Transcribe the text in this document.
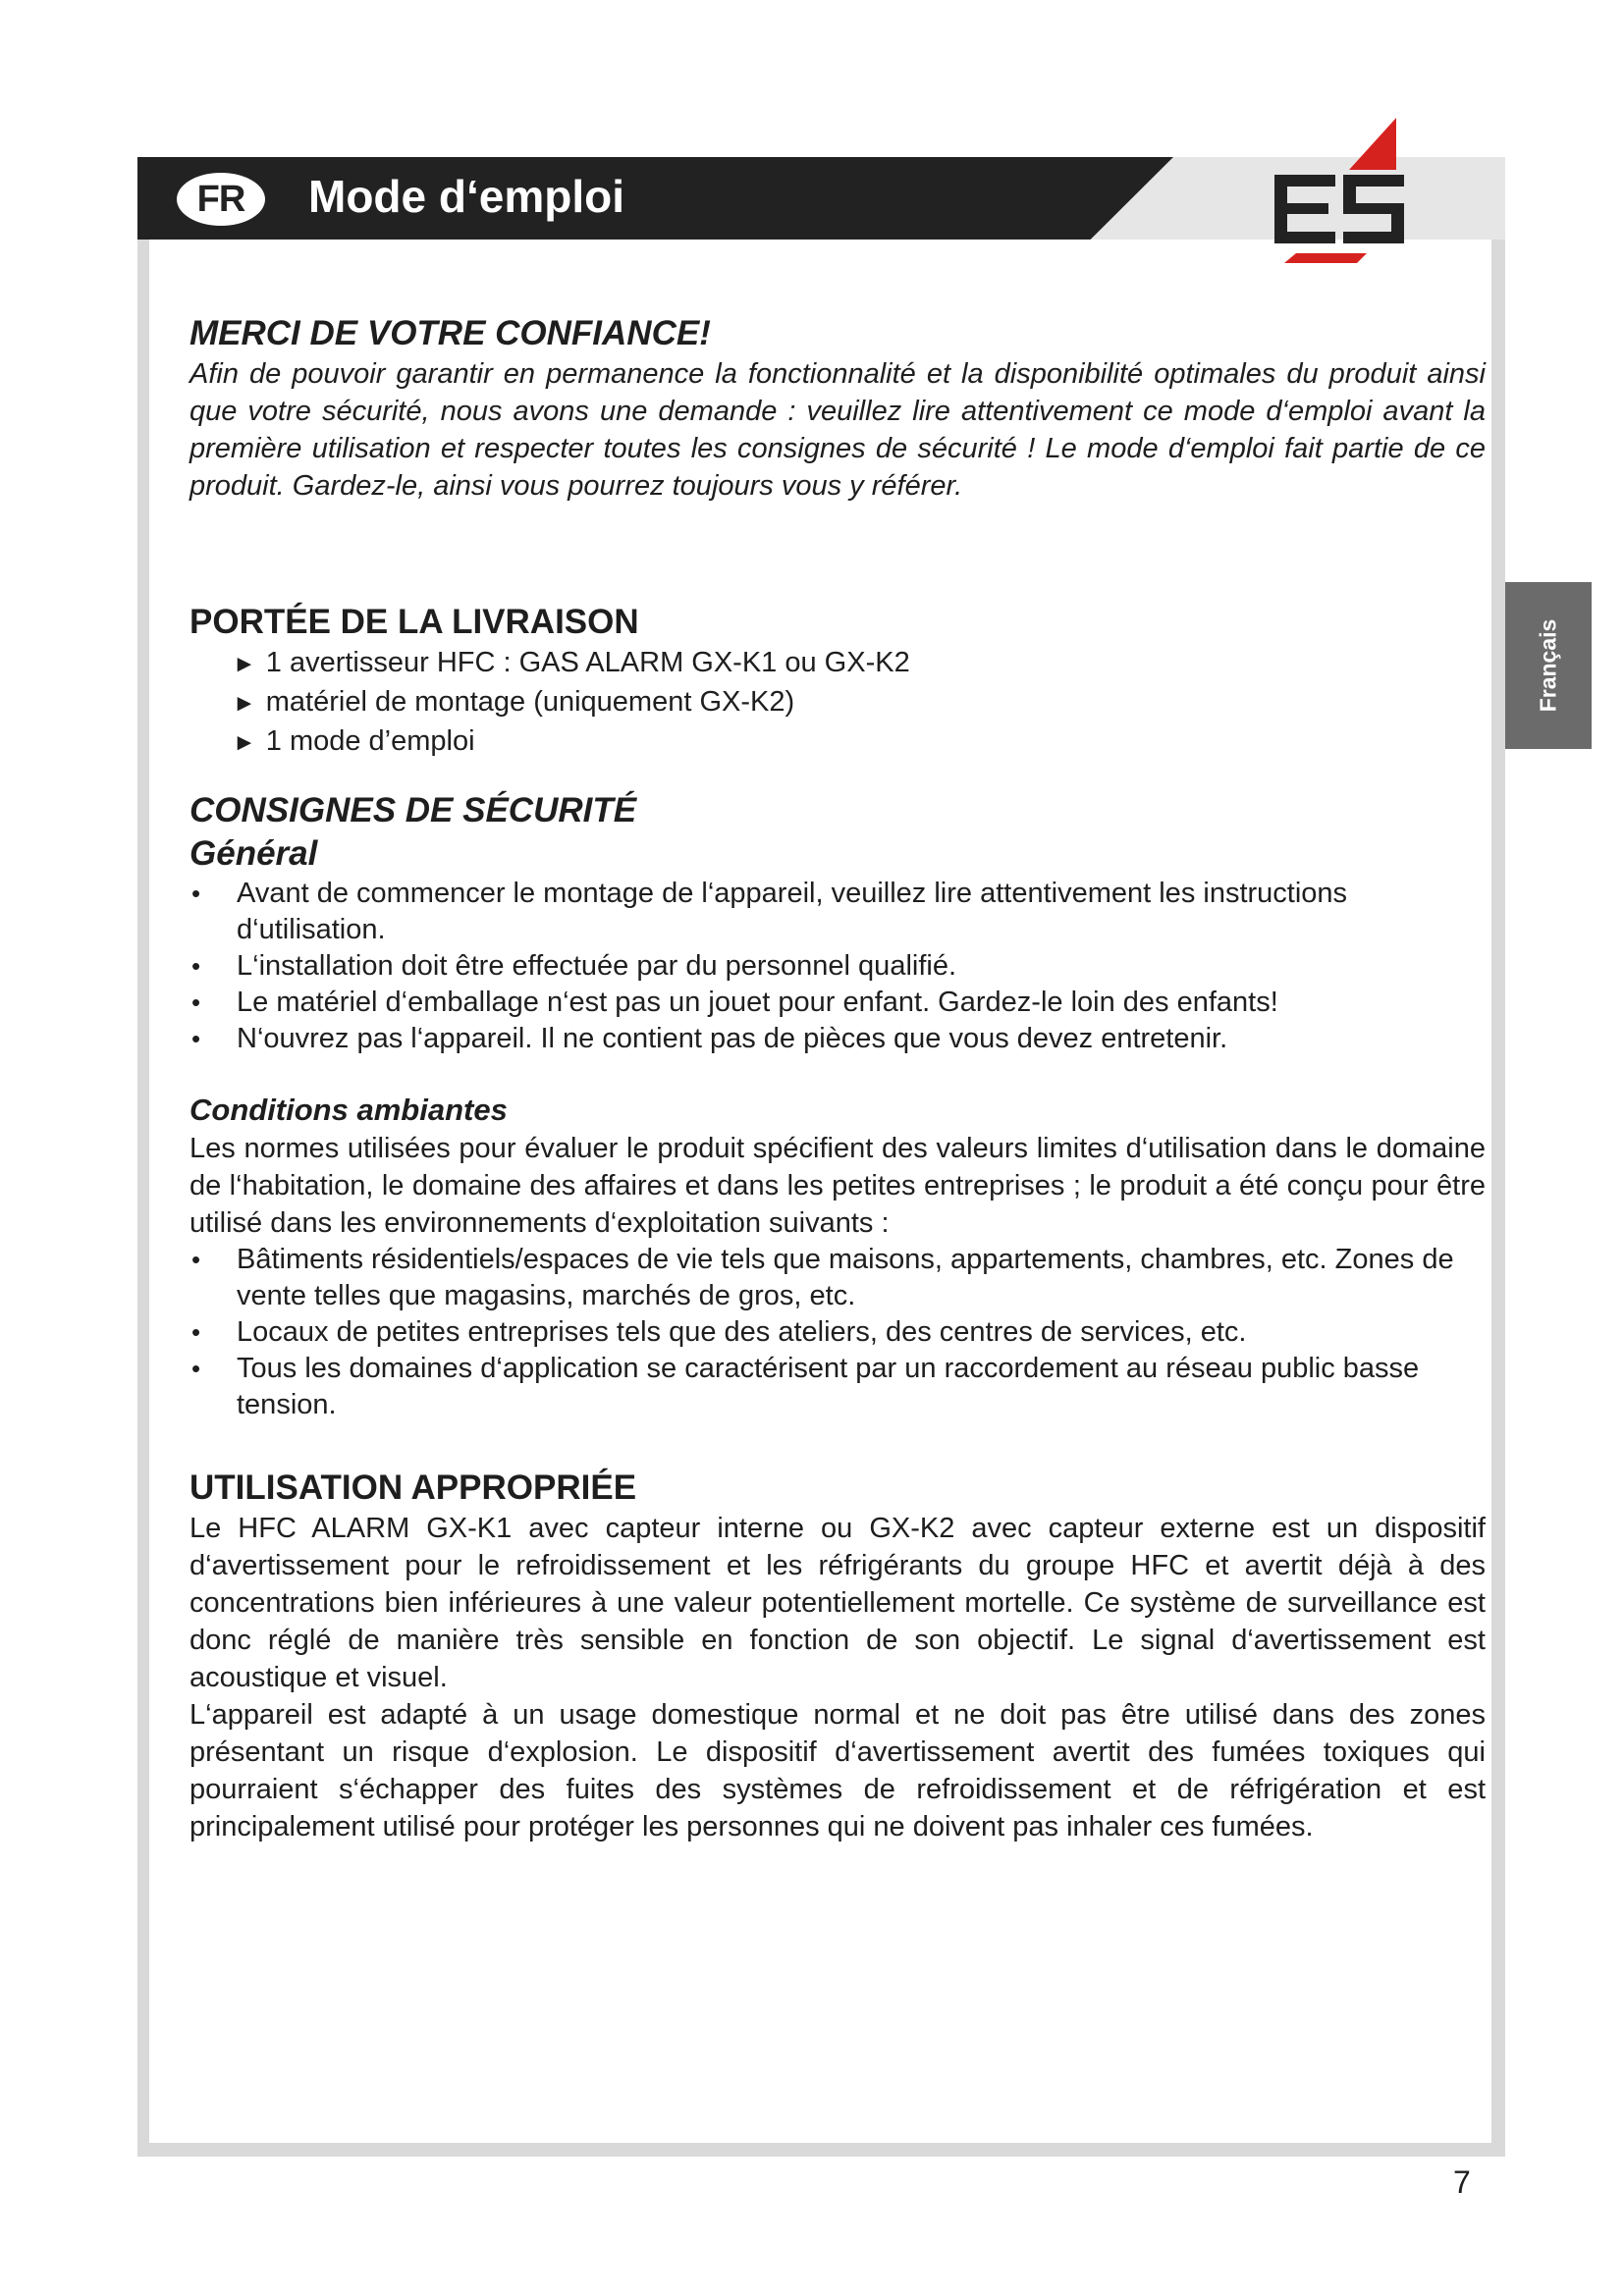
FR	Mode d‘emploi
Français
MERCI DE VOTRE CONFIANCE!

Afin de pouvoir garantir en permanence la fonctionnalité et la disponibilité optimales du produit ainsi que votre sécurité, nous avons une demande : veuillez lire attentivement ce mode d‘emploi avant la première utilisation et respecter toutes les consignes de sécurité ! Le mode d‘emploi fait partie de ce produit. Gardez-le, ainsi vous pourrez toujours vous y référer.

PORTÉE DE LA LIVRAISON
► 1 avertisseur HFC : GAS ALARM GX-K1 ou GX-K2
► matériel de montage (uniquement GX-K2)
► 1 mode d’emploi
CONSIGNES DE SÉCURITÉ
Général
• Avant de commencer le montage de l‘appareil, veuillez lire attentivement les instructions d‘utilisation.
• L‘installation doit être effectuée par du personnel qualifié.
• Le matériel d‘emballage n‘est pas un jouet pour enfant. Gardez-le loin des enfants!
• N‘ouvrez pas l‘appareil. Il ne contient pas de pièces que vous devez entretenir.
Conditions ambiantes

Les normes utilisées pour évaluer le produit spécifient des valeurs limites d‘utilisation dans le domaine de l‘habitation, le domaine des affaires et dans les petites entreprises ; le produit a été conçu pour être utilisé dans les environnements d‘exploitation suivants :

• Bâtiments résidentiels/espaces de vie tels que maisons, appartements, chambres, etc. Zones de vente telles que magasins, marchés de gros, etc.
• Locaux de petites entreprises tels que des ateliers, des centres de services, etc.
• Tous les domaines d‘application se caractérisent par un raccordement au réseau public basse tension.
UTILISATION APPROPRIÉE

Le HFC ALARM GX-K1 avec capteur interne ou GX-K2 avec capteur externe est un dispositif d‘avertissement pour le refroidissement et les réfrigérants du groupe HFC et avertit déjà à des concentrations bien inférieures à une valeur potentiellement mortelle. Ce système de surveillance est donc réglé de manière très sensible en fonction de son objectif. Le signal d‘avertissement est acoustique et visuel.

L‘appareil est adapté à un usage domestique normal et ne doit pas être utilisé dans des zones présentant un risque d‘explosion. Le dispositif d‘avertissement avertit des fumées toxiques qui pourraient s‘échapper des fuites des systèmes de refroidissement et de réfrigération et est principalement utilisé pour protéger les personnes qui ne doivent pas inhaler ces fumées.

7
